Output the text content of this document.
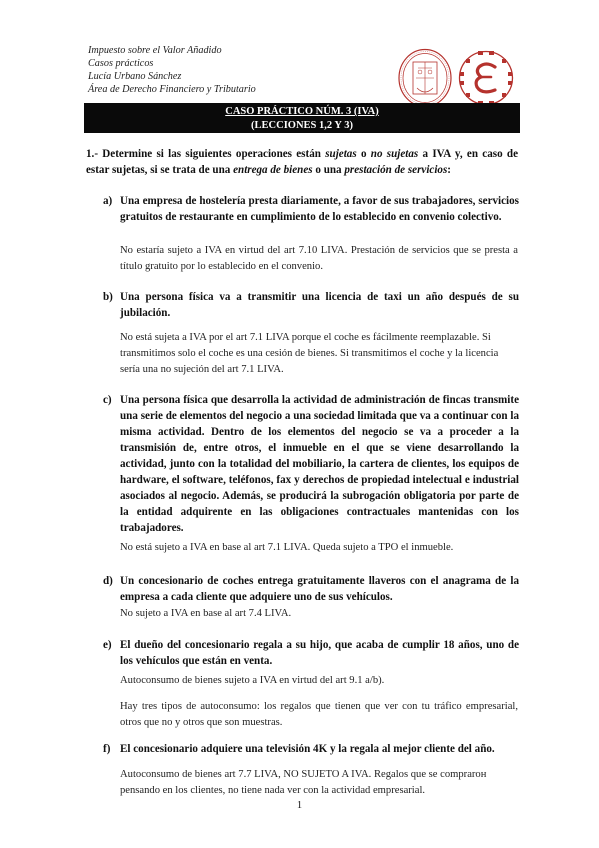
Impuesto sobre el Valor Añadido
Casos prácticos
Lucía Urbano Sánchez
Área de Derecho Financiero y Tributario
CASO PRÁCTICO NÚM. 3 (IVA)
(LECCIONES 1,2 Y 3)
1.- Determine si las siguientes operaciones están sujetas o no sujetas a IVA y, en caso de estar sujetas, si se trata de una entrega de bienes o una prestación de servicios:
a) Una empresa de hostelería presta diariamente, a favor de sus trabajadores, servicios gratuitos de restaurante en cumplimiento de lo establecido en convenio colectivo.
No estaría sujeto a IVA en virtud del art 7.10 LIVA. Prestación de servicios que se presta a título gratuito por lo establecido en el convenio.
b) Una persona física va a transmitir una licencia de taxi un año después de su jubilación.
No está sujeta a IVA por el art 7.1 LIVA porque el coche es fácilmente reemplazable. Si transmitimos solo el coche es una cesión de bienes. Si transmitimos el coche y la licencia sería una no sujeción del art 7.1 LIVA.
c) Una persona física que desarrolla la actividad de administración de fincas transmite una serie de elementos del negocio a una sociedad limitada que va a continuar con la misma actividad. Dentro de los elementos del negocio se va a proceder a la transmisión de, entre otros, el inmueble en el que se viene desarrollando la actividad, junto con la totalidad del mobiliario, la cartera de clientes, los equipos de hardware, el software, teléfonos, fax y derechos de propiedad intelectual e industrial asociados al negocio. Además, se producirá la subrogación obligatoria por parte de la entidad adquirente en las obligaciones contractuales mantenidas con los trabajadores.
No está sujeto a IVA en base al art 7.1 LIVA. Queda sujeto a TPO el inmueble.
d) Un concesionario de coches entrega gratuitamente llaveros con el anagrama de la empresa a cada cliente que adquiere uno de sus vehículos.
No sujeto a IVA en base al art 7.4 LIVA.
e) El dueño del concesionario regala a su hijo, que acaba de cumplir 18 años, uno de los vehículos que están en venta.
Autoconsumo de bienes sujeto a IVA en virtud del art 9.1 a/b).
Hay tres tipos de autoconsumo: los regalos que tienen que ver con tu tráfico empresarial, otros que no y otros que son muestras.
f) El concesionario adquiere una televisión 4K y la regala al mejor cliente del año.
Autoconsumo de bienes art 7.7 LIVA, NO SUJETO A IVA. Regalos que se comprarон pensando en los clientes, no tiene nada ver con la actividad empresarial.
1
